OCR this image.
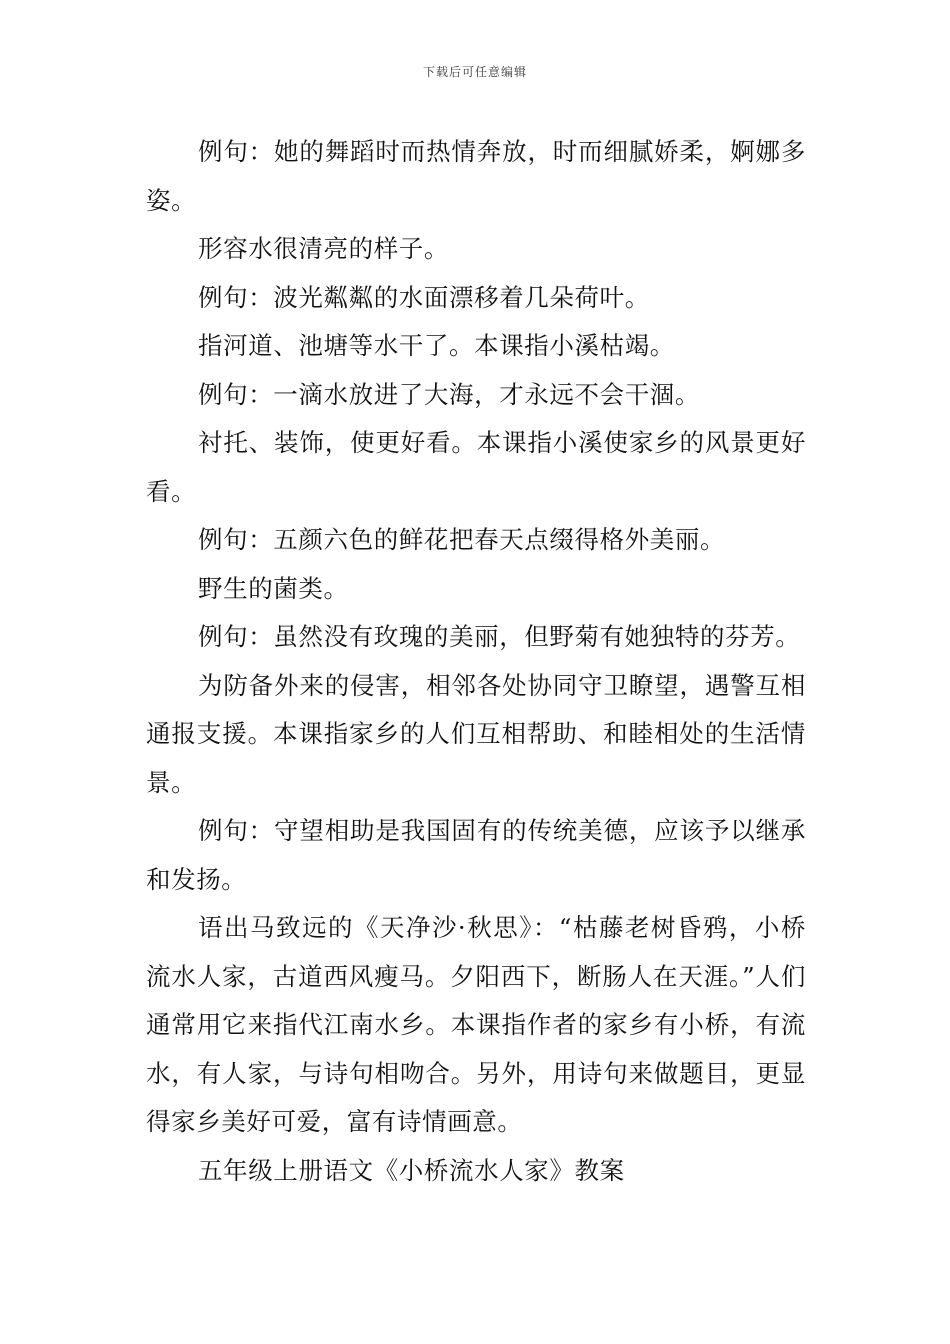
下载后可任意编辑

例句：她的舞蹈时而热情奔放，时而细腻娇柔，婀娜多姿。

形容水很清亮的样子。

例句：波光粼粼的水面漂移着几朵荷叶。

指河道、池塘等水干了。本课指小溪枯竭。

例句：一滴水放进了大海，才永远不会干涸。

衬托、装饰，使更好看。本课指小溪使家乡的风景更好看。

例句：五颜六色的鲜花把春天点缀得格外美丽。

野生的菌类。

例句：虽然没有玫瑰的美丽，但野菊有她独特的芬芳。

为防备外来的侵害，相邻各处协同守卫瞭望，遇警互相通报支援。本课指家乡的人们互相帮助、和睦相处的生活情景。

例句：守望相助是我国固有的传统美德，应该予以继承和发扬。

语出马致远的《天净沙·秋思》：“枯藤老树昏鸦，小桥流水人家，古道西风瘦马。夕阳西下，断肠人在天涯。”人们通常用它来指代江南水乡。本课指作者的家乡有小桥，有流水，有人家，与诗句相吻合。另外，用诗句来做题目，更显得家乡美好可爱，富有诗情画意。

五年级上册语文《小桥流水人家》教案
